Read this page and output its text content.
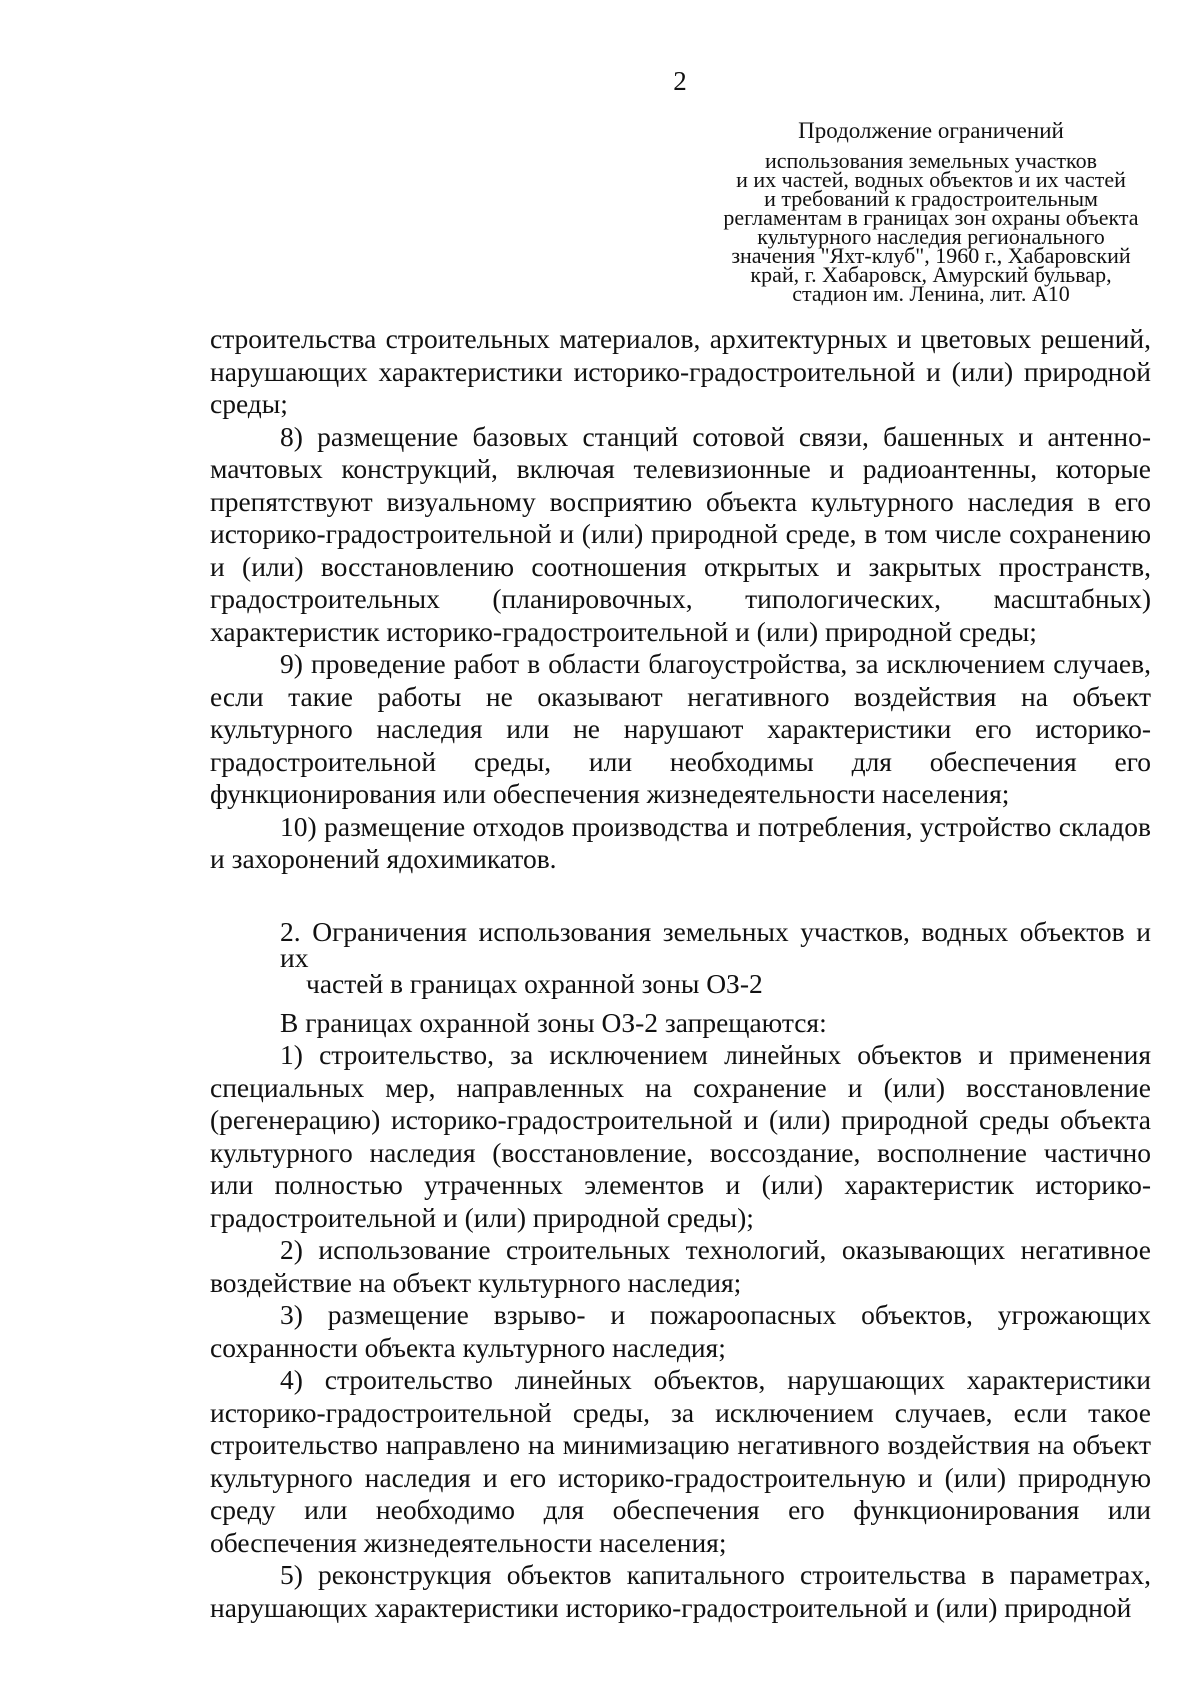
2
Продолжение ограничений
использования земельных участков
и их частей, водных объектов и их частей
и требований к градостроительным
регламентам в границах зон охраны объекта
культурного наследия регионального
значения "Яхт-клуб", 1960 г., Хабаровский
край, г. Хабаровск, Амурский бульвар,
стадион им. Ленина, лит. А10

строительства строительных материалов, архитектурных и цветовых решений, нарушающих характеристики историко-градостроительной и (или) природной среды;

8) размещение базовых станций сотовой связи, башенных и антенно-мачтовых конструкций, включая телевизионные и радиоантенны, которые препятствуют визуальному восприятию объекта культурного наследия в его историко-градостроительной и (или) природной среде, в том числе сохранению и (или) восстановлению соотношения открытых и закрытых пространств, градостроительных (планировочных, типологических, масштабных) характеристик историко-градостроительной и (или) природной среды;

9) проведение работ в области благоустройства, за исключением случаев, если такие работы не оказывают негативного воздействия на объект культурного наследия или не нарушают характеристики его историко-градостроительной среды, или необходимы для обеспечения его функционирования или обеспечения жизнедеятельности населения;

10) размещение отходов производства и потребления, устройство складов и захоронений ядохимикатов.

2. Ограничения использования земельных участков, водных объектов и их
частей в границах охранной зоны ОЗ-2

В границах охранной зоны ОЗ-2 запрещаются:

1) строительство, за исключением линейных объектов и применения специальных мер, направленных на сохранение и (или) восстановление (регенерацию) историко-градостроительной и (или) природной среды объекта культурного наследия (восстановление, воссоздание, восполнение частично или полностью утраченных элементов и (или) характеристик историко-градостроительной и (или) природной среды);

2) использование строительных технологий, оказывающих негативное воздействие на объект культурного наследия;

3) размещение взрыво- и пожароопасных объектов, угрожающих сохранности объекта культурного наследия;

4) строительство линейных объектов, нарушающих характеристики историко-градостроительной среды, за исключением случаев, если такое строительство направлено на минимизацию негативного воздействия на объект культурного наследия и его историко-градостроительную и (или) природную среду или необходимо для обеспечения его функционирования или обеспечения жизнедеятельности населения;

5) реконструкция объектов капитального строительства в параметрах, нарушающих характеристики историко-градостроительной и (или) природной
